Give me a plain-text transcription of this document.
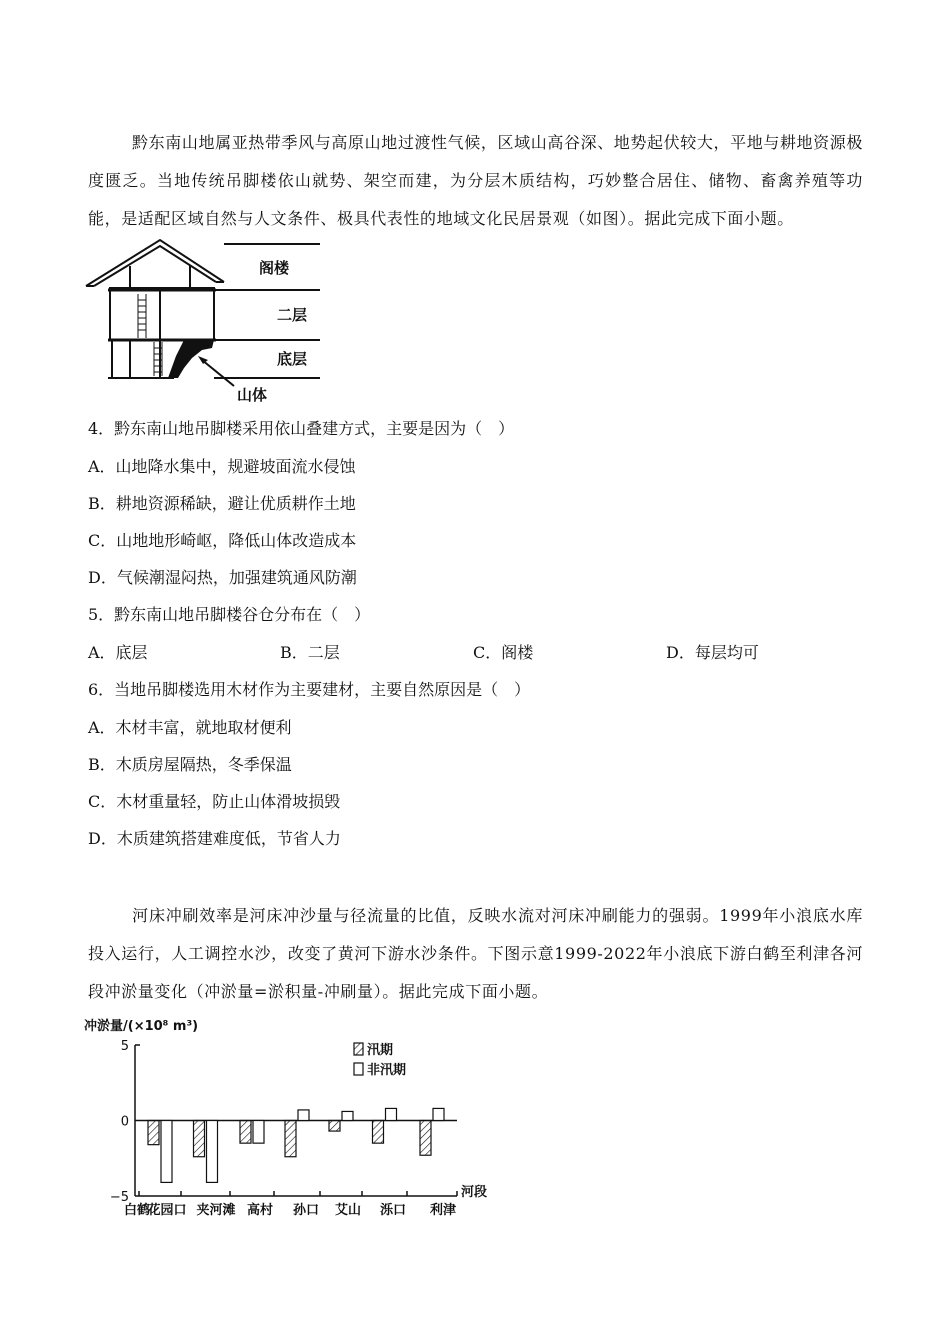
黔东南山地属亚热带季风与高原山地过渡性气候，区域山高谷深、地势起伏较大，平地与耕地资源极度匮乏。当地传统吊脚楼依山就势、架空而建，为分层木质结构，巧妙整合居住、储物、畜禽养殖等功能，是适配区域自然与人文条件、极具代表性的地域文化民居景观（如图）。据此完成下面小题。
阁楼
二层
底层
山体
4．黔东南山地吊脚楼采用依山叠建方式，主要是因为（　）
A．山地降水集中，规避坡面流水侵蚀
B．耕地资源稀缺，避让优质耕作土地
C．山地地形崎岖，降低山体改造成本
D．气候潮湿闷热，加强建筑通风防潮
5．黔东南山地吊脚楼谷仓分布在（　）
A．底层	B．二层	C．阁楼	D．每层均可
6．当地吊脚楼选用木材作为主要建材，主要自然原因是（　）
A．木材丰富，就地取材便利
B．木质房屋隔热，冬季保温
C．木材重量轻，防止山体滑坡损毁
D．木质建筑搭建难度低，节省人力
河床冲刷效率是河床冲沙量与径流量的比值，反映水流对河床冲刷能力的强弱。1999年小浪底水库投入运行，人工调控水沙，改变了黄河下游水沙条件。下图示意1999-2022年小浪底下游白鹤至利津各河段冲淤量变化（冲淤量=淤积量-冲刷量）。据此完成下面小题。
冲淤量/(×10⁸ m³)
河段
5
0
−5
白鹤
花园口 夹河滩 高村 孙口 艾山 泺口 利津
汛期
非汛期
